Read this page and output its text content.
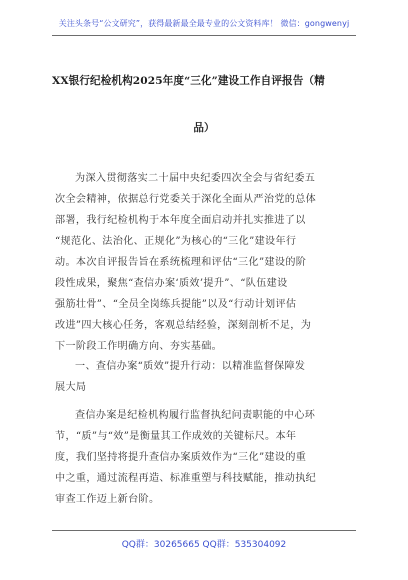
关注头条号“公文研究”，获得最新最全最专业的公文资料库！ 微信：gongwenyj
XX银行纪检机构2025年度“三化”建设工作自评报告（精
品）
为深入贯彻落实二十届中央纪委四次全会与省纪委五
次全会精神，依据总行党委关于深化全面从严治党的总体
部署，我行纪检机构于本年度全面启动并扎实推进了以
“规范化、法治化、正规化”为核心的“三化”建设年行
动。本次自评报告旨在系统梳理和评估“三化”建设的阶
段性成果，聚焦“查信办案‘质效’提升”、“队伍建设
强筋壮骨”、“全员全岗练兵提能”以及“行动计划评估
改进”四大核心任务，客观总结经验，深刻剖析不足，为
下一阶段工作明确方向、夯实基础。
一、查信办案“质效”提升行动：以精准监督保障发
展大局
查信办案是纪检机构履行监督执纪问责职能的中心环
节，“质”与“效”是衡量其工作成效的关键标尺。本年
度，我们坚持将提升查信办案质效作为“三化”建设的重
中之重，通过流程再造、标准重塑与科技赋能，推动执纪
审查工作迈上新台阶。
QQ群：30265665 QQ群：535304092
